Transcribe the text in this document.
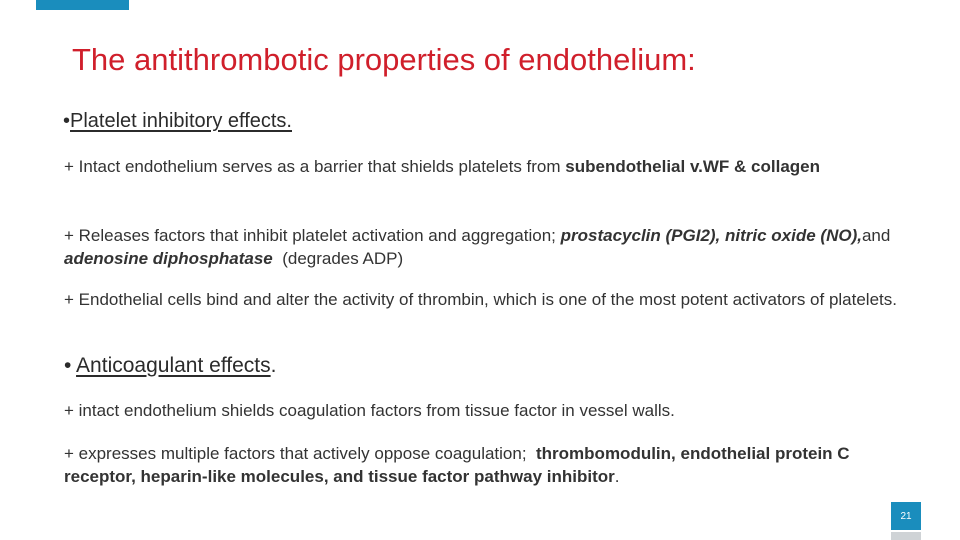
The antithrombotic properties of endothelium:
•Platelet inhibitory effects.

+ Intact endothelium serves as a barrier that shields platelets from subendothelial v.WF & collagen

+ Releases factors that inhibit platelet activation and aggregation; prostacyclin (PGI2), nitric oxide (NO),and adenosine diphosphatase  (degrades ADP)

+ Endothelial cells bind and alter the activity of thrombin, which is one of the most potent activators of platelets.

• Anticoagulant effects.

+ intact endothelium shields coagulation factors from tissue factor in vessel walls.

+ expresses multiple factors that actively oppose coagulation;  thrombomodulin, endothelial protein C receptor, heparin-like molecules, and tissue factor pathway inhibitor.

21
